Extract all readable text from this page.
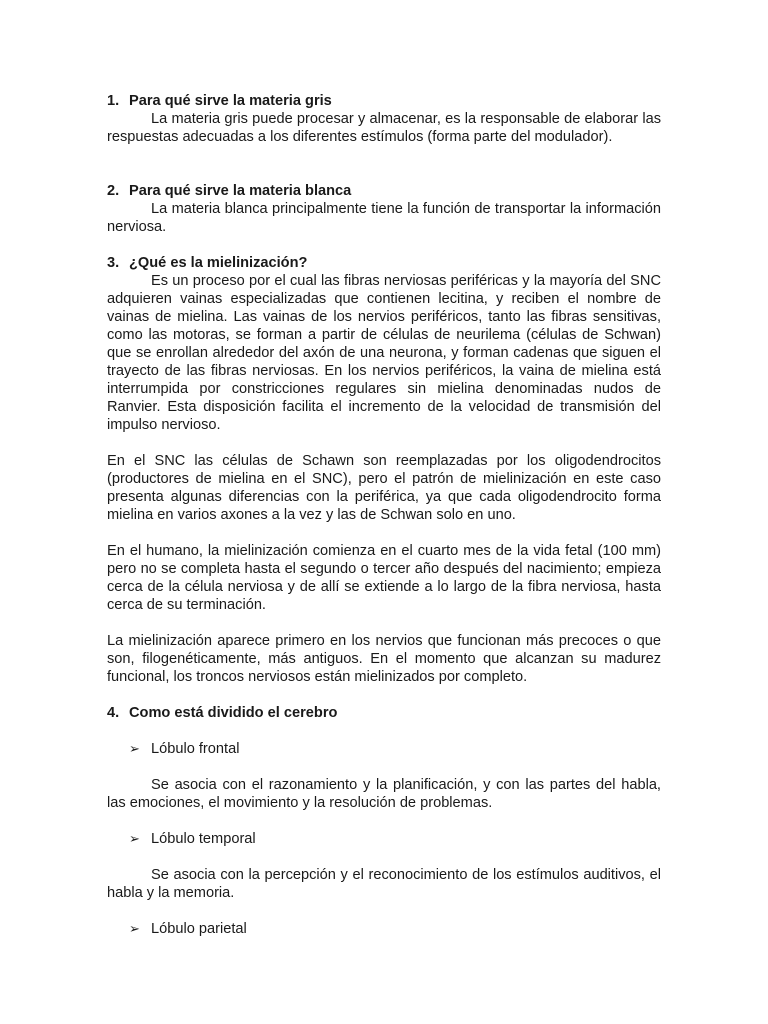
1. Para qué sirve la materia gris

La materia gris puede procesar y almacenar, es la responsable de elaborar las respuestas adecuadas a los diferentes estímulos (forma parte del modulador).

2. Para qué sirve la materia blanca

La materia blanca principalmente tiene la función de transportar la información nerviosa.

3. ¿Qué es la mielinización?

Es un proceso por el cual las fibras nerviosas periféricas y la mayoría del SNC adquieren vainas especializadas que contienen lecitina, y reciben el nombre de vainas de mielina. Las vainas de los nervios periféricos, tanto las fibras sensitivas, como las motoras, se forman a partir de células de neurilema (células de Schwan) que se enrollan alrededor del axón de una neurona, y forman cadenas que siguen el trayecto de las fibras nerviosas. En los nervios periféricos, la vaina de mielina está interrumpida por constricciones regulares sin mielina denominadas nudos de Ranvier. Esta disposición facilita el incremento de la velocidad de transmisión del impulso nervioso.

En el SNC las células de Schawn son reemplazadas por los oligodendrocitos (productores de mielina en el SNC), pero el patrón de mielinización en este caso presenta algunas diferencias con la periférica, ya que cada oligodendrocito forma mielina en varios axones a la vez y las de Schwan solo en uno.

En el humano, la mielinización comienza en el cuarto mes de la vida fetal (100 mm) pero no se completa hasta el segundo o tercer año después del nacimiento; empieza cerca de la célula nerviosa y de allí se extiende a lo largo de la fibra nerviosa, hasta cerca de su terminación.

La mielinización aparece primero en los nervios que funcionan más precoces o que son, filogenéticamente, más antiguos. En el momento que alcanzan su madurez funcional, los troncos nerviosos están mielinizados por completo.

4. Como está dividido el cerebro
➢ Lóbulo frontal

Se asocia con el razonamiento y la planificación, y con las partes del habla, las emociones, el movimiento y la resolución de problemas.

➢ Lóbulo temporal

Se asocia con la percepción y el reconocimiento de los estímulos auditivos, el habla y la memoria.

➢ Lóbulo parietal
